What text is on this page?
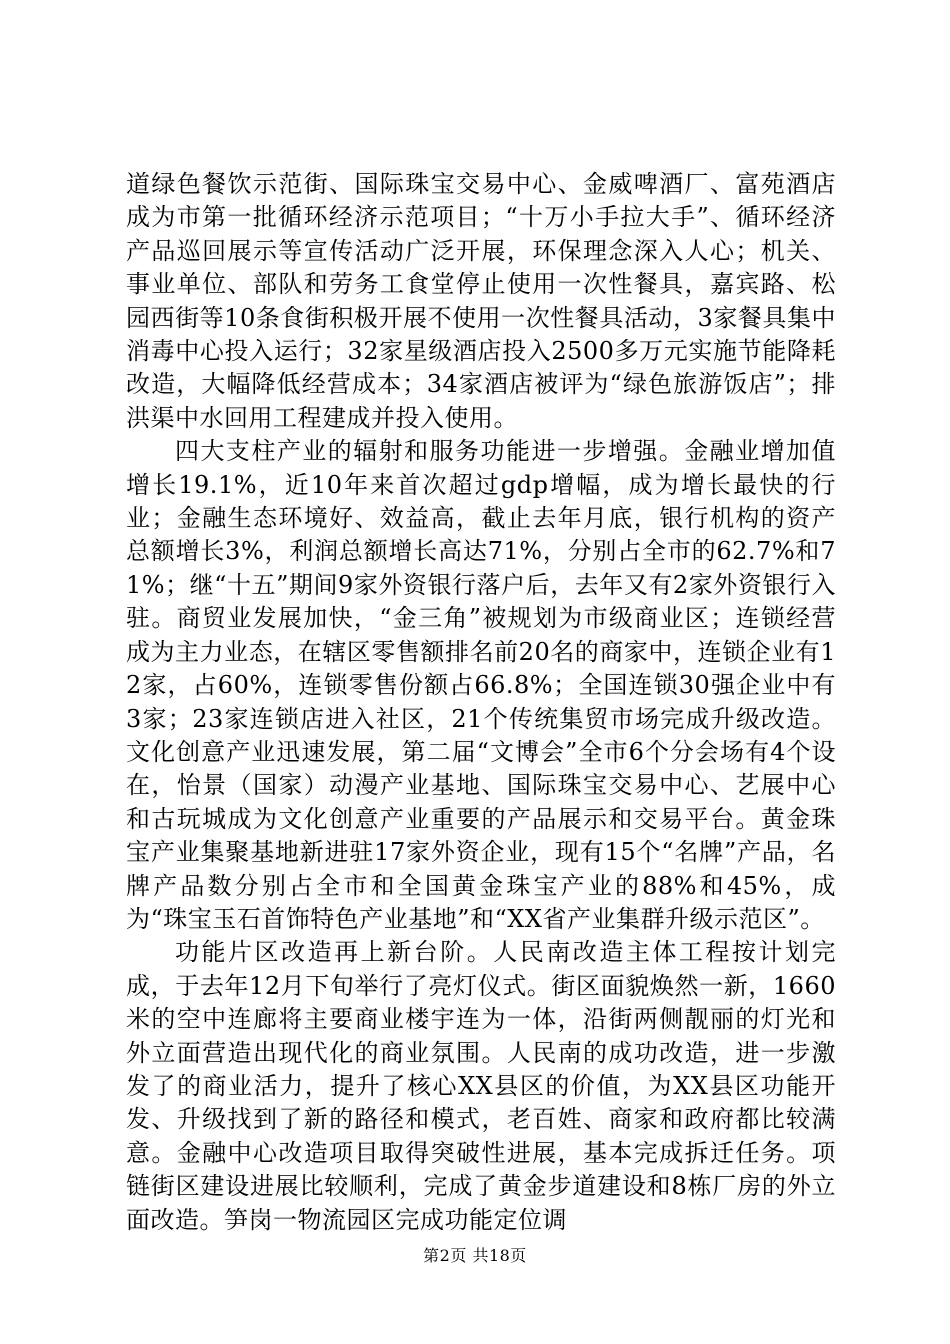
道绿色餐饮示范街、国际珠宝交易中心、金威啤酒厂、富苑酒店成为市第一批循环经济示范项目；“十万小手拉大手”、循环经济产品巡回展示等宣传活动广泛开展，环保理念深入人心；机关、事业单位、部队和劳务工食堂停止使用一次性餐具，嘉宾路、松园西街等10条食街积极开展不使用一次性餐具活动，3家餐具集中消毒中心投入运行；32家星级酒店投入2500多万元实施节能降耗改造，大幅降低经营成本；34家酒店被评为“绿色旅游饭店”；排洪渠中水回用工程建成并投入使用。

四大支柱产业的辐射和服务功能进一步增强。金融业增加值增长19.1%，近10年来首次超过gdp增幅，成为增长最快的行业；金融生态环境好、效益高，截止去年月底，银行机构的资产总额增长3%，利润总额增长高达71%，分别占全市的62.7%和71%；继“十五”期间9家外资银行落户后，去年又有2家外资银行入驻。商贸业发展加快，“金三角”被规划为市级商业区；连锁经营成为主力业态，在辖区零售额排名前20名的商家中，连锁企业有12家，占60%，连锁零售份额占66.8%；全国连锁30强企业中有3家；23家连锁店进入社区，21个传统集贸市场完成升级改造。文化创意产业迅速发展，第二届“文博会”全市6个分会场有4个设在，怡景（国家）动漫产业基地、国际珠宝交易中心、艺展中心和古玩城成为文化创意产业重要的产品展示和交易平台。黄金珠宝产业集聚基地新进驻17家外资企业，现有15个“名牌”产品，名牌产品数分别占全市和全国黄金珠宝产业的88%和45%，成为“珠宝玉石首饰特色产业基地”和“XX省产业集群升级示范区”。

功能片区改造再上新台阶。人民南改造主体工程按计划完成，于去年12月下旬举行了亮灯仪式。街区面貌焕然一新，1660米的空中连廊将主要商业楼宇连为一体，沿街两侧靓丽的灯光和外立面营造出现代化的商业氛围。人民南的成功改造，进一步激发了的商业活力，提升了核心XX县区的价值，为XX县区功能开发、升级找到了新的路径和模式，老百姓、商家和政府都比较满意。金融中心改造项目取得突破性进展，基本完成拆迁任务。项链街区建设进展比较顺利，完成了黄金步道建设和8栋厂房的外立面改造。笋岗一物流园区完成功能定位调

第2页 共18页
